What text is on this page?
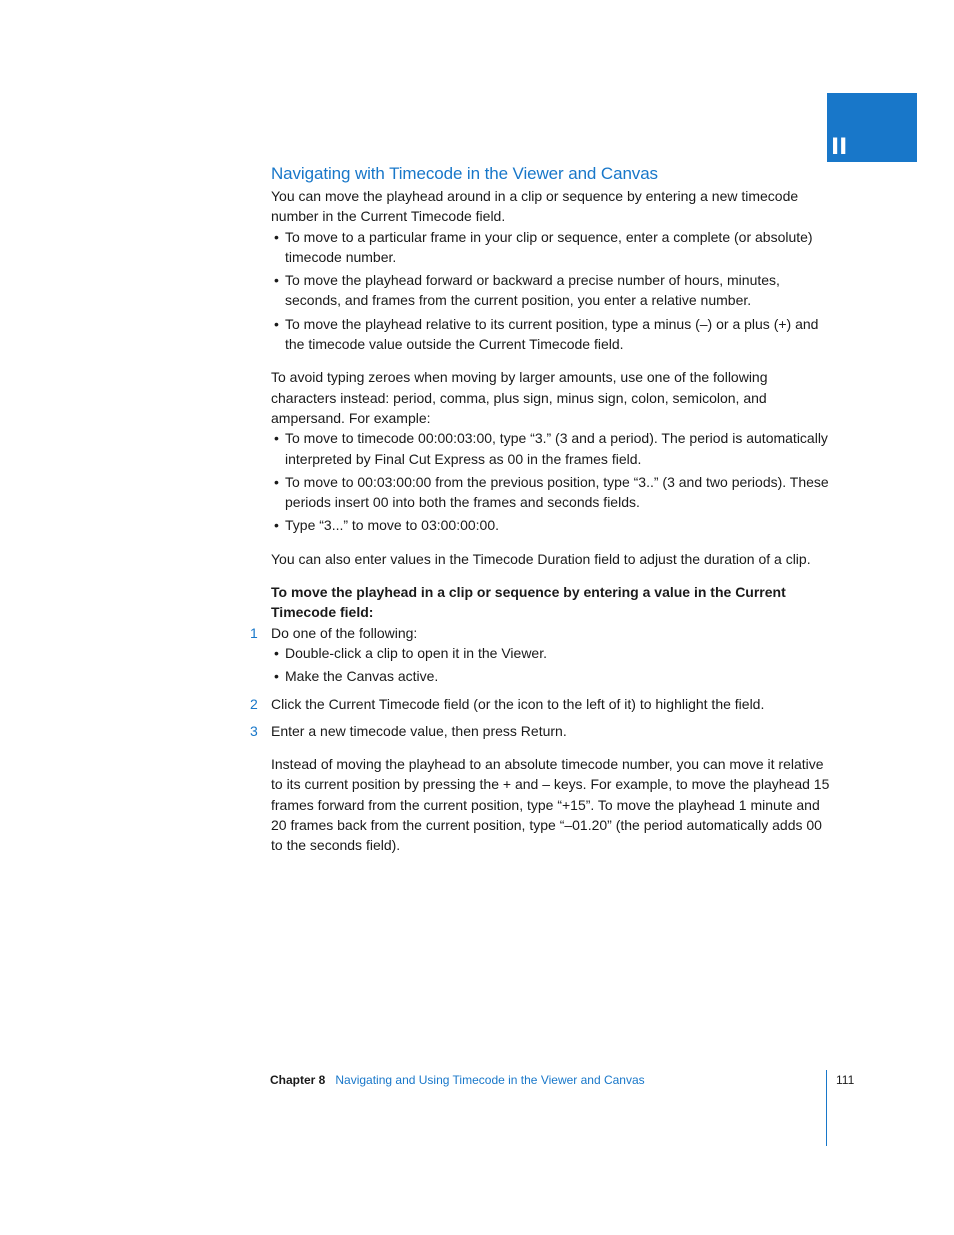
II
Navigating with Timecode in the Viewer and Canvas

You can move the playhead around in a clip or sequence by entering a new timecode number in the Current Timecode field.

• To move to a particular frame in your clip or sequence, enter a complete (or absolute) timecode number.
• To move the playhead forward or backward a precise number of hours, minutes, seconds, and frames from the current position, you enter a relative number.
• To move the playhead relative to its current position, type a minus (–) or a plus (+) and the timecode value outside the Current Timecode field.

To avoid typing zeroes when moving by larger amounts, use one of the following characters instead: period, comma, plus sign, minus sign, colon, semicolon, and ampersand. For example:

• To move to timecode 00:00:03:00, type “3.” (3 and a period). The period is automatically interpreted by Final Cut Express as 00 in the frames field.
• To move to 00:03:00:00 from the previous position, type “3..” (3 and two periods). These periods insert 00 into both the frames and seconds fields.
• Type “3...” to move to 03:00:00:00.

You can also enter values in the Timecode Duration field to adjust the duration of a clip.

To move the playhead in a clip or sequence by entering a value in the Current Timecode field:

1 Do one of the following:
• Double-click a clip to open it in the Viewer.
• Make the Canvas active.
2 Click the Current Timecode field (or the icon to the left of it) to highlight the field.
3 Enter a new timecode value, then press Return.

Instead of moving the playhead to an absolute timecode number, you can move it relative to its current position by pressing the + and – keys. For example, to move the playhead 15 frames forward from the current position, type “+15”. To move the playhead 1 minute and 20 frames back from the current position, type “–01.20” (the period automatically adds 00 to the seconds field).

Chapter 8 Navigating and Using Timecode in the Viewer and Canvas	111
